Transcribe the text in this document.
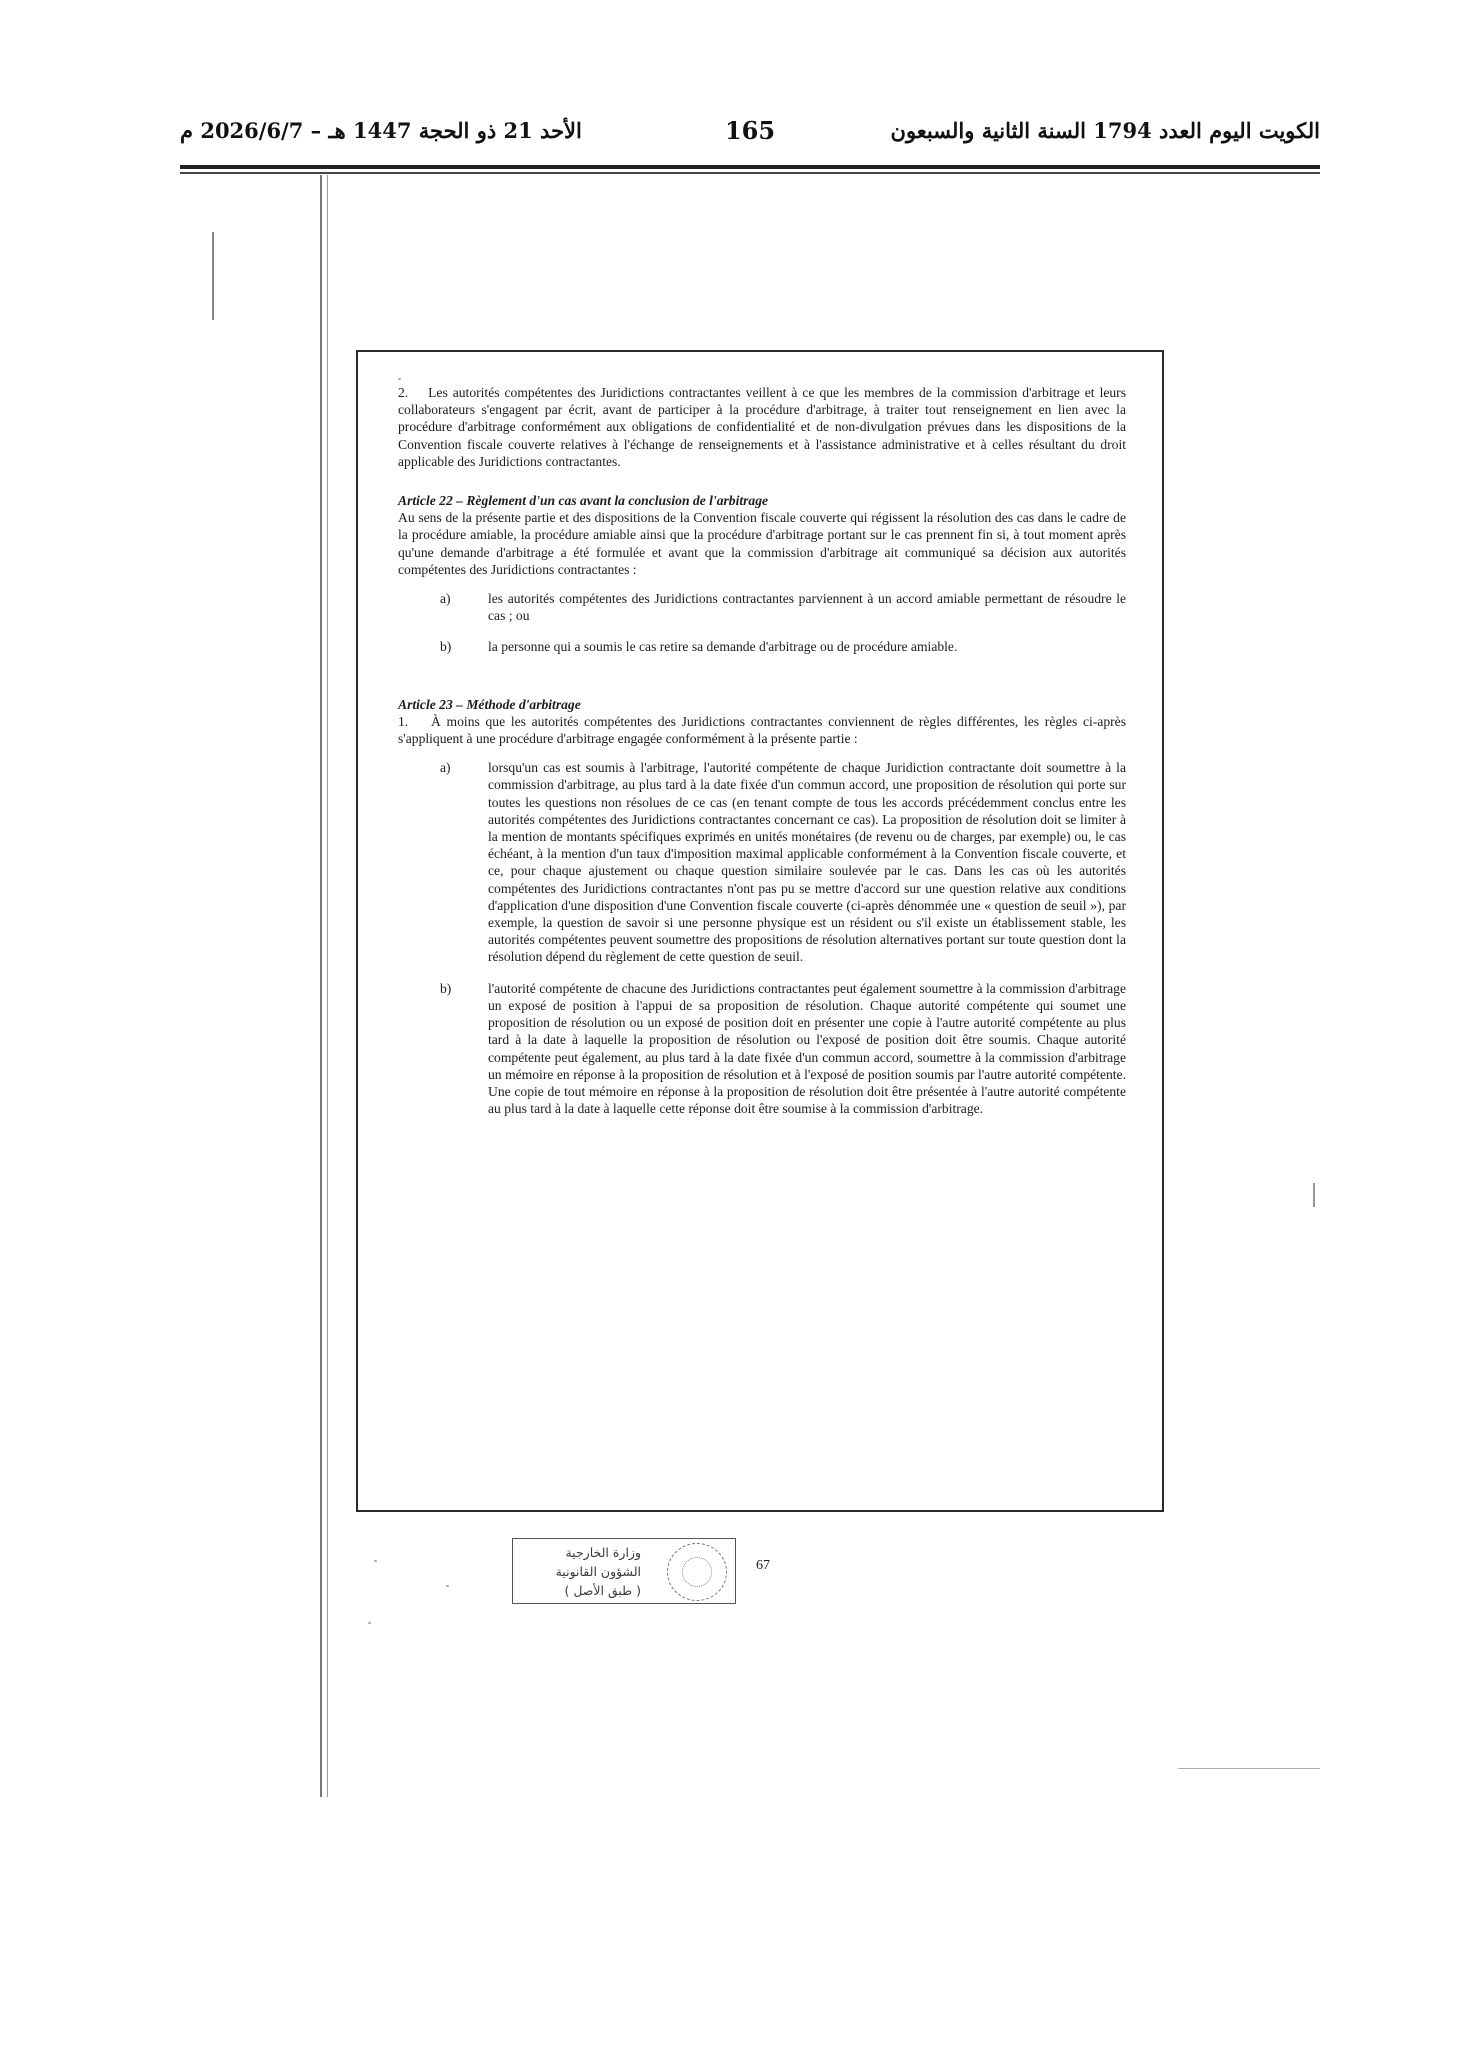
الكويت اليوم العدد 1794 السنة الثانية والسبعون
165
الأحد 21 ذو الحجة 1447 هـ – 2026/6/7 م

2.    Les autorités compétentes des Juridictions contractantes veillent à ce que les membres de la commission d'arbitrage et leurs collaborateurs s'engagent par écrit, avant de participer à la procédure d'arbitrage, à traiter tout renseignement en lien avec la procédure d'arbitrage conformément aux obligations de confidentialité et de non-divulgation prévues dans les dispositions de la Convention fiscale couverte relatives à l'échange de renseignements et à l'assistance administrative et à celles résultant du droit applicable des Juridictions contractantes.

Article 22 – Règlement d'un cas avant la conclusion de l'arbitrage

Au sens de la présente partie et des dispositions de la Convention fiscale couverte qui régissent la résolution des cas dans le cadre de la procédure amiable, la procédure amiable ainsi que la procédure d'arbitrage portant sur le cas prennent fin si, à tout moment après qu'une demande d'arbitrage a été formulée et avant que la commission d'arbitrage ait communiqué sa décision aux autorités compétentes des Juridictions contractantes :

a)	les autorités compétentes des Juridictions contractantes parviennent à un accord amiable permettant de résoudre le cas ; ou
b)	la personne qui a soumis le cas retire sa demande d'arbitrage ou de procédure amiable.

Article 23 – Méthode d'arbitrage

1.    À moins que les autorités compétentes des Juridictions contractantes conviennent de règles différentes, les règles ci-après s'appliquent à une procédure d'arbitrage engagée conformément à la présente partie :

a)	lorsqu'un cas est soumis à l'arbitrage, l'autorité compétente de chaque Juridiction contractante doit soumettre à la commission d'arbitrage, au plus tard à la date fixée d'un commun accord, une proposition de résolution qui porte sur toutes les questions non résolues de ce cas (en tenant compte de tous les accords précédemment conclus entre les autorités compétentes des Juridictions contractantes concernant ce cas). La proposition de résolution doit se limiter à la mention de montants spécifiques exprimés en unités monétaires (de revenu ou de charges, par exemple) ou, le cas échéant, à la mention d'un taux d'imposition maximal applicable conformément à la Convention fiscale couverte, et ce, pour chaque ajustement ou chaque question similaire soulevée par le cas. Dans les cas où les autorités compétentes des Juridictions contractantes n'ont pas pu se mettre d'accord sur une question relative aux conditions d'application d'une disposition d'une Convention fiscale couverte (ci-après dénommée une « question de seuil »), par exemple, la question de savoir si une personne physique est un résident ou s'il existe un établissement stable, les autorités compétentes peuvent soumettre des propositions de résolution alternatives portant sur toute question dont la résolution dépend du règlement de cette question de seuil.
b)	l'autorité compétente de chacune des Juridictions contractantes peut également soumettre à la commission d'arbitrage un exposé de position à l'appui de sa proposition de résolution. Chaque autorité compétente qui soumet une proposition de résolution ou un exposé de position doit en présenter une copie à l'autre autorité compétente au plus tard à la date à laquelle la proposition de résolution ou l'exposé de position doit être soumis. Chaque autorité compétente peut également, au plus tard à la date fixée d'un commun accord, soumettre à la commission d'arbitrage un mémoire en réponse à la proposition de résolution et à l'exposé de position soumis par l'autre autorité compétente. Une copie de tout mémoire en réponse à la proposition de résolution doit être présentée à l'autre autorité compétente au plus tard à la date à laquelle cette réponse doit être soumise à la commission d'arbitrage.
وزارة الخارجية
الشؤون القانونية
( طبق الأصل )
67
